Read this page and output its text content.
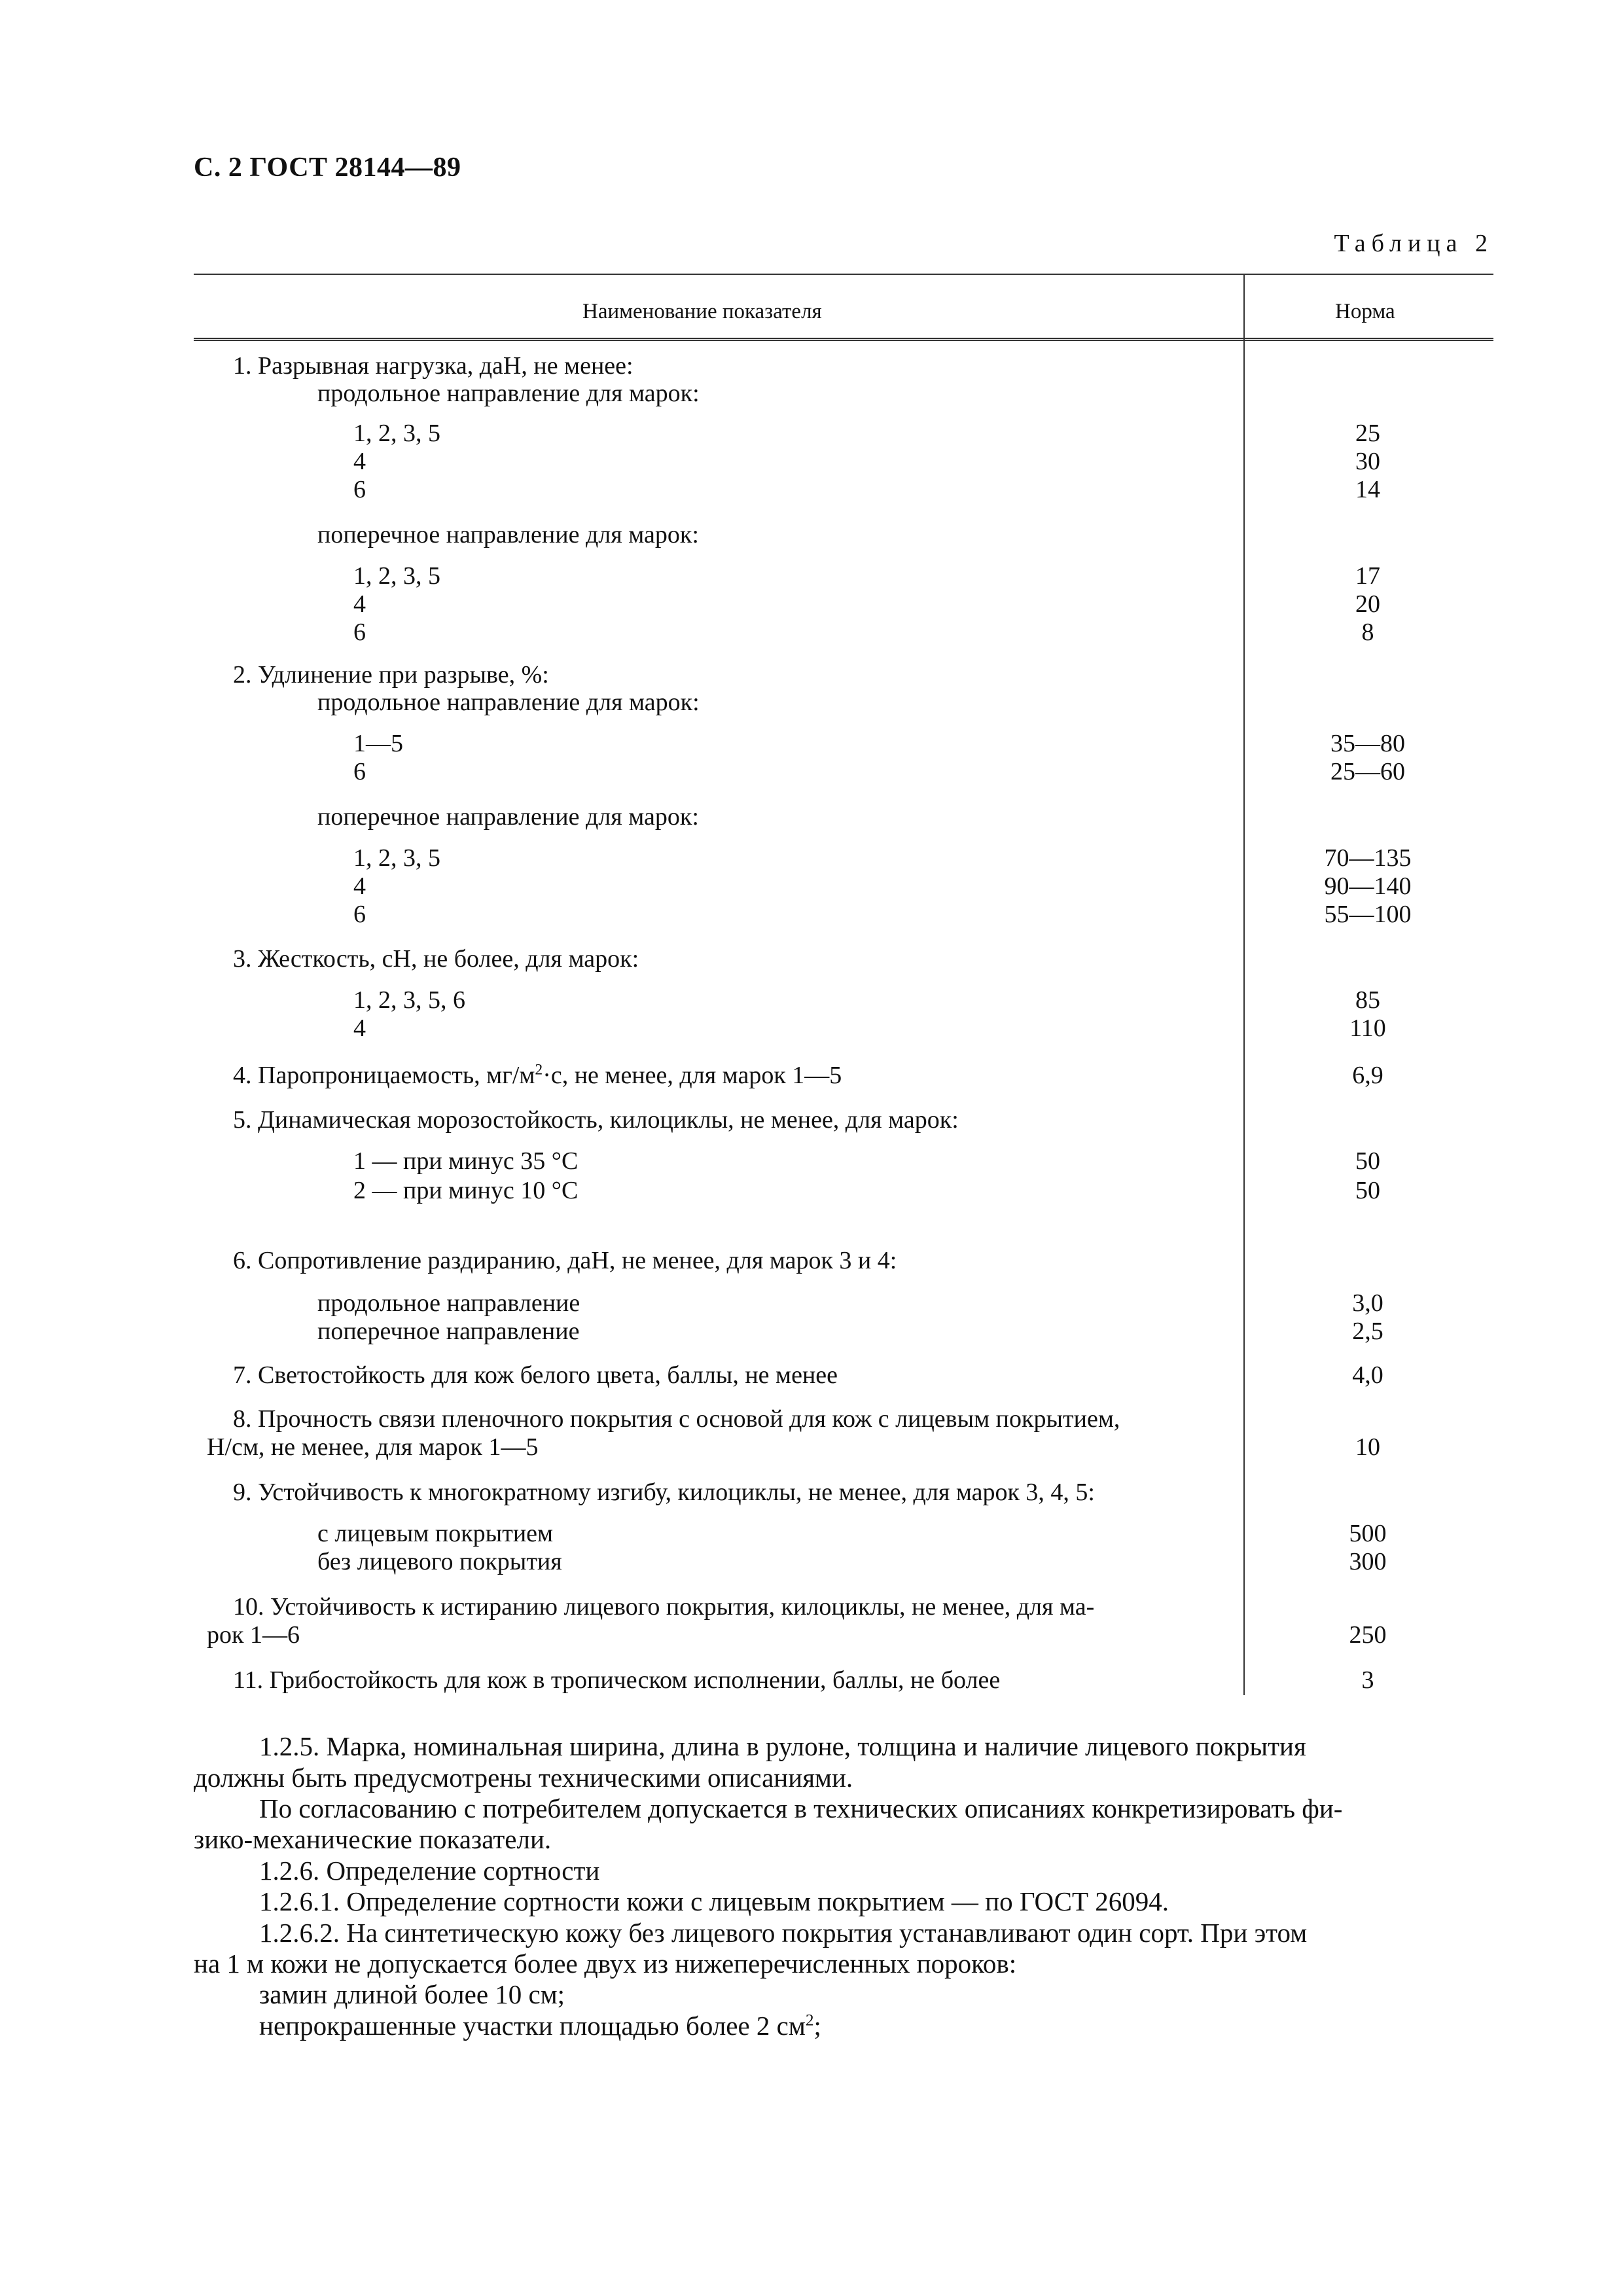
С. 2 ГОСТ 28144—89
Таблица 2
Наименование показателя	Норма
1. Разрывная нагрузка, даН, не менее:
продольное направление для марок:
1, 2, 3, 5	25
4	30
6	14
поперечное направление для марок:
1, 2, 3, 5	17
4	20
6	8
2. Удлинение при разрыве, %:
продольное направление для марок:
1—5	35—80
6	25—60
поперечное направление для марок:
1, 2, 3, 5	70—135
4	90—140
6	55—100
3. Жесткость, сН, не более, для марок:
1, 2, 3, 5, 6	85
4	110
4. Паропроницаемость, $мг/м^2\cdot с$, не менее, для марок 1—5	6,9
5. Динамическая морозостойкость, килоциклы, не менее, для марок:
1 — при минус 35 °С	50
2 — при минус 10 °С	50
6. Сопротивление раздиранию, даН, не менее, для марок 3 и 4:
продольное направление	3,0
поперечное направление	2,5
7. Светостойкость для кож белого цвета, баллы, не менее	4,0
8. Прочность связи пленочного покрытия с основой для кож с лицевым покрытием,
Н/см, не менее, для марок 1—5	10
9. Устойчивость к многократному изгибу, килоциклы, не менее, для марок 3, 4, 5:
с лицевым покрытием	500
без лицевого покрытия	300
10. Устойчивость к истиранию лицевого покрытия, килоциклы, не менее, для ма-
рок 1—6	250
11. Грибостойкость для кож в тропическом исполнении, баллы, не более	3
1.2.5. Марка, номинальная ширина, длина в рулоне, толщина и наличие лицевого покрытия
должны быть предусмотрены техническими описаниями.
По согласованию с потребителем допускается в технических описаниях конкретизировать фи-
зико-механические показатели.
1.2.6. Определение сортности
1.2.6.1. Определение сортности кожи с лицевым покрытием — по ГОСТ 26094.
1.2.6.2. На синтетическую кожу без лицевого покрытия устанавливают один сорт. При этом
на 1 м кожи не допускается более двух из нижеперечисленных пороков:
замин длиной более 10 см;
непрокрашенные участки площадью более 2 $см^2$;
